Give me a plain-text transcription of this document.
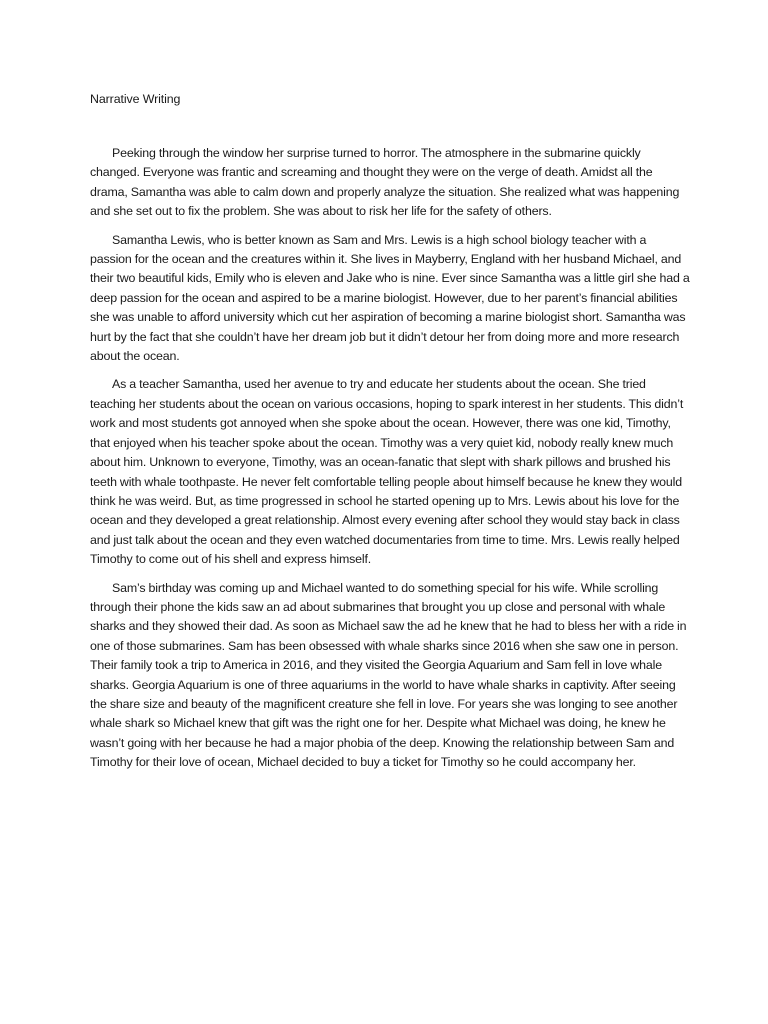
Narrative Writing

Peeking through the window her surprise turned to horror. The atmosphere in the submarine quickly changed. Everyone was frantic and screaming and thought they were on the verge of death. Amidst all the drama, Samantha was able to calm down and properly analyze the situation. She realized what was happening and she set out to fix the problem. She was about to risk her life for the safety of others.

Samantha Lewis, who is better known as Sam and Mrs. Lewis is a high school biology teacher with a passion for the ocean and the creatures within it. She lives in Mayberry, England with her husband Michael, and their two beautiful kids, Emily who is eleven and Jake who is nine. Ever since Samantha was a little girl she had a deep passion for the ocean and aspired to be a marine biologist. However, due to her parent’s financial abilities she was unable to afford university which cut her aspiration of becoming a marine biologist short. Samantha was hurt by the fact that she couldn’t have her dream job but it didn’t detour her from doing more and more research about the ocean.

As a teacher Samantha, used her avenue to try and educate her students about the ocean. She tried teaching her students about the ocean on various occasions, hoping to spark interest in her students. This didn’t work and most students got annoyed when she spoke about the ocean. However, there was one kid, Timothy, that enjoyed when his teacher spoke about the ocean. Timothy was a very quiet kid, nobody really knew much about him. Unknown to everyone, Timothy, was an ocean-fanatic that slept with shark pillows and brushed his teeth with whale toothpaste. He never felt comfortable telling people about himself because he knew they would think he was weird. But, as time progressed in school he started opening up to Mrs. Lewis about his love for the ocean and they developed a great relationship. Almost every evening after school they would stay back in class and just talk about the ocean and they even watched documentaries from time to time. Mrs. Lewis really helped Timothy to come out of his shell and express himself.

Sam’s birthday was coming up and Michael wanted to do something special for his wife. While scrolling through their phone the kids saw an ad about submarines that brought you up close and personal with whale sharks and they showed their dad. As soon as Michael saw the ad he knew that he had to bless her with a ride in one of those submarines. Sam has been obsessed with whale sharks since 2016 when she saw one in person. Their family took a trip to America in 2016, and they visited the Georgia Aquarium and Sam fell in love whale sharks. Georgia Aquarium is one of three aquariums in the world to have whale sharks in captivity. After seeing the share size and beauty of the magnificent creature she fell in love. For years she was longing to see another whale shark so Michael knew that gift was the right one for her. Despite what Michael was doing, he knew he wasn’t going with her because he had a major phobia of the deep. Knowing the relationship between Sam and Timothy for their love of ocean, Michael decided to buy a ticket for Timothy so he could accompany her.
